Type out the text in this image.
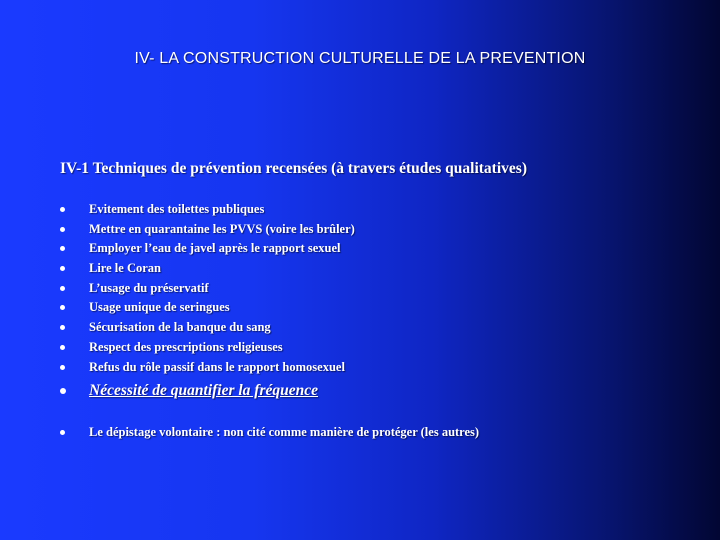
IV- LA CONSTRUCTION CULTURELLE DE LA PREVENTION
IV-1 Techniques de prévention recensées (à travers études qualitatives)
Evitement des toilettes publiques
Mettre en quarantaine les PVVS (voire les brûler)
Employer l’eau de javel après le rapport sexuel
Lire le Coran
L’usage du préservatif
Usage unique de seringues
Sécurisation de la banque du sang
Respect des prescriptions religieuses
Refus du rôle passif dans le rapport homosexuel
Nécessité de quantifier la fréquence
Le dépistage volontaire : non cité comme manière de protéger (les autres)
